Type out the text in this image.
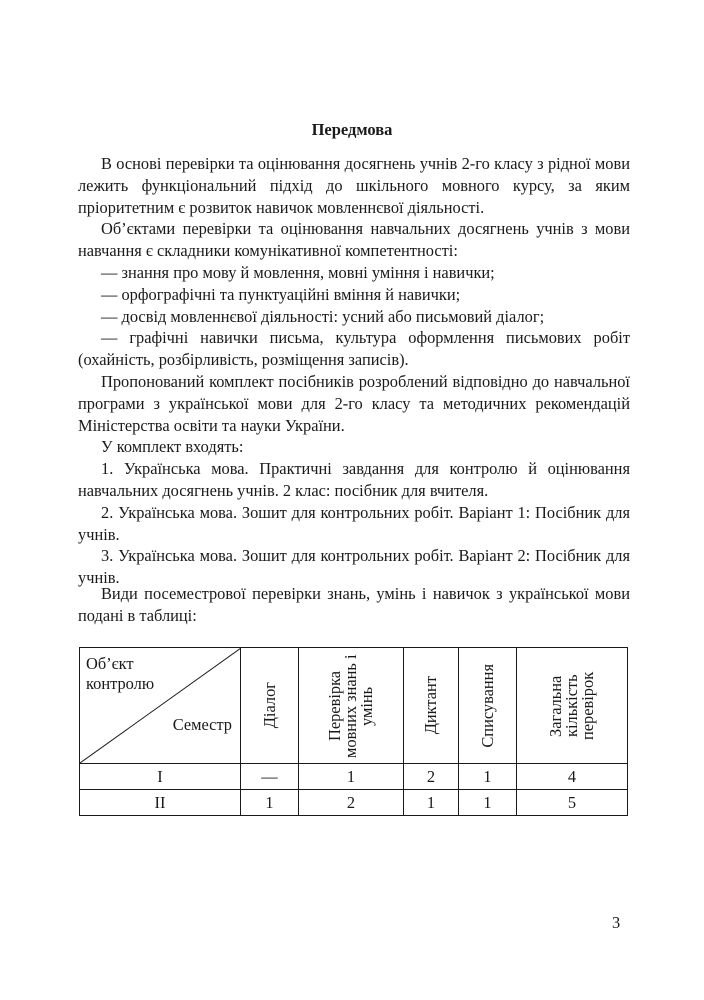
Передмова

В основі перевірки та оцінювання досягнень учнів 2-го класу з рідної мови лежить функціональний підхід до шкільного мовного курсу, за яким пріоритетним є розвиток навичок мовленнєвої діяльності.

Об’єктами перевірки та оцінювання навчальних досягнень учнів з мови навчання є складники комунікативної компетентності:

— знання про мову й мовлення, мовні уміння і навички;

— орфографічні та пунктуаційні вміння й навички;

— досвід мовленнєвої діяльності: усний або письмовий діалог;

— графічні навички письма, культура оформлення письмових робіт (охайність, розбірливість, розміщення записів).

Пропонований комплект посібників розроблений відповідно до навчальної програми з української мови для 2-го класу та методичних рекомендацій Міністерства освіти та науки України.

У комплект входять:

1. Українська мова. Практичні завдання для контролю й оцінювання навчальних досягнень учнів. 2 клас: посібник для вчителя.

2. Українська мова. Зошит для контрольних робіт. Варіант 1: Посібник для учнів.

3. Українська мова. Зошит для контрольних робіт. Варіант 2: Посібник для учнів.

Види посеместрової перевірки знань, умінь і навичок з української мови подані в таблиці:

Об’єкт контролю
Семестр	Діалог	Перевірка мовних знань і умінь	Диктант	Списування	Загальна кількість перевірок

I	—	1	2	1	4
II	1	2	1	1	5
3
